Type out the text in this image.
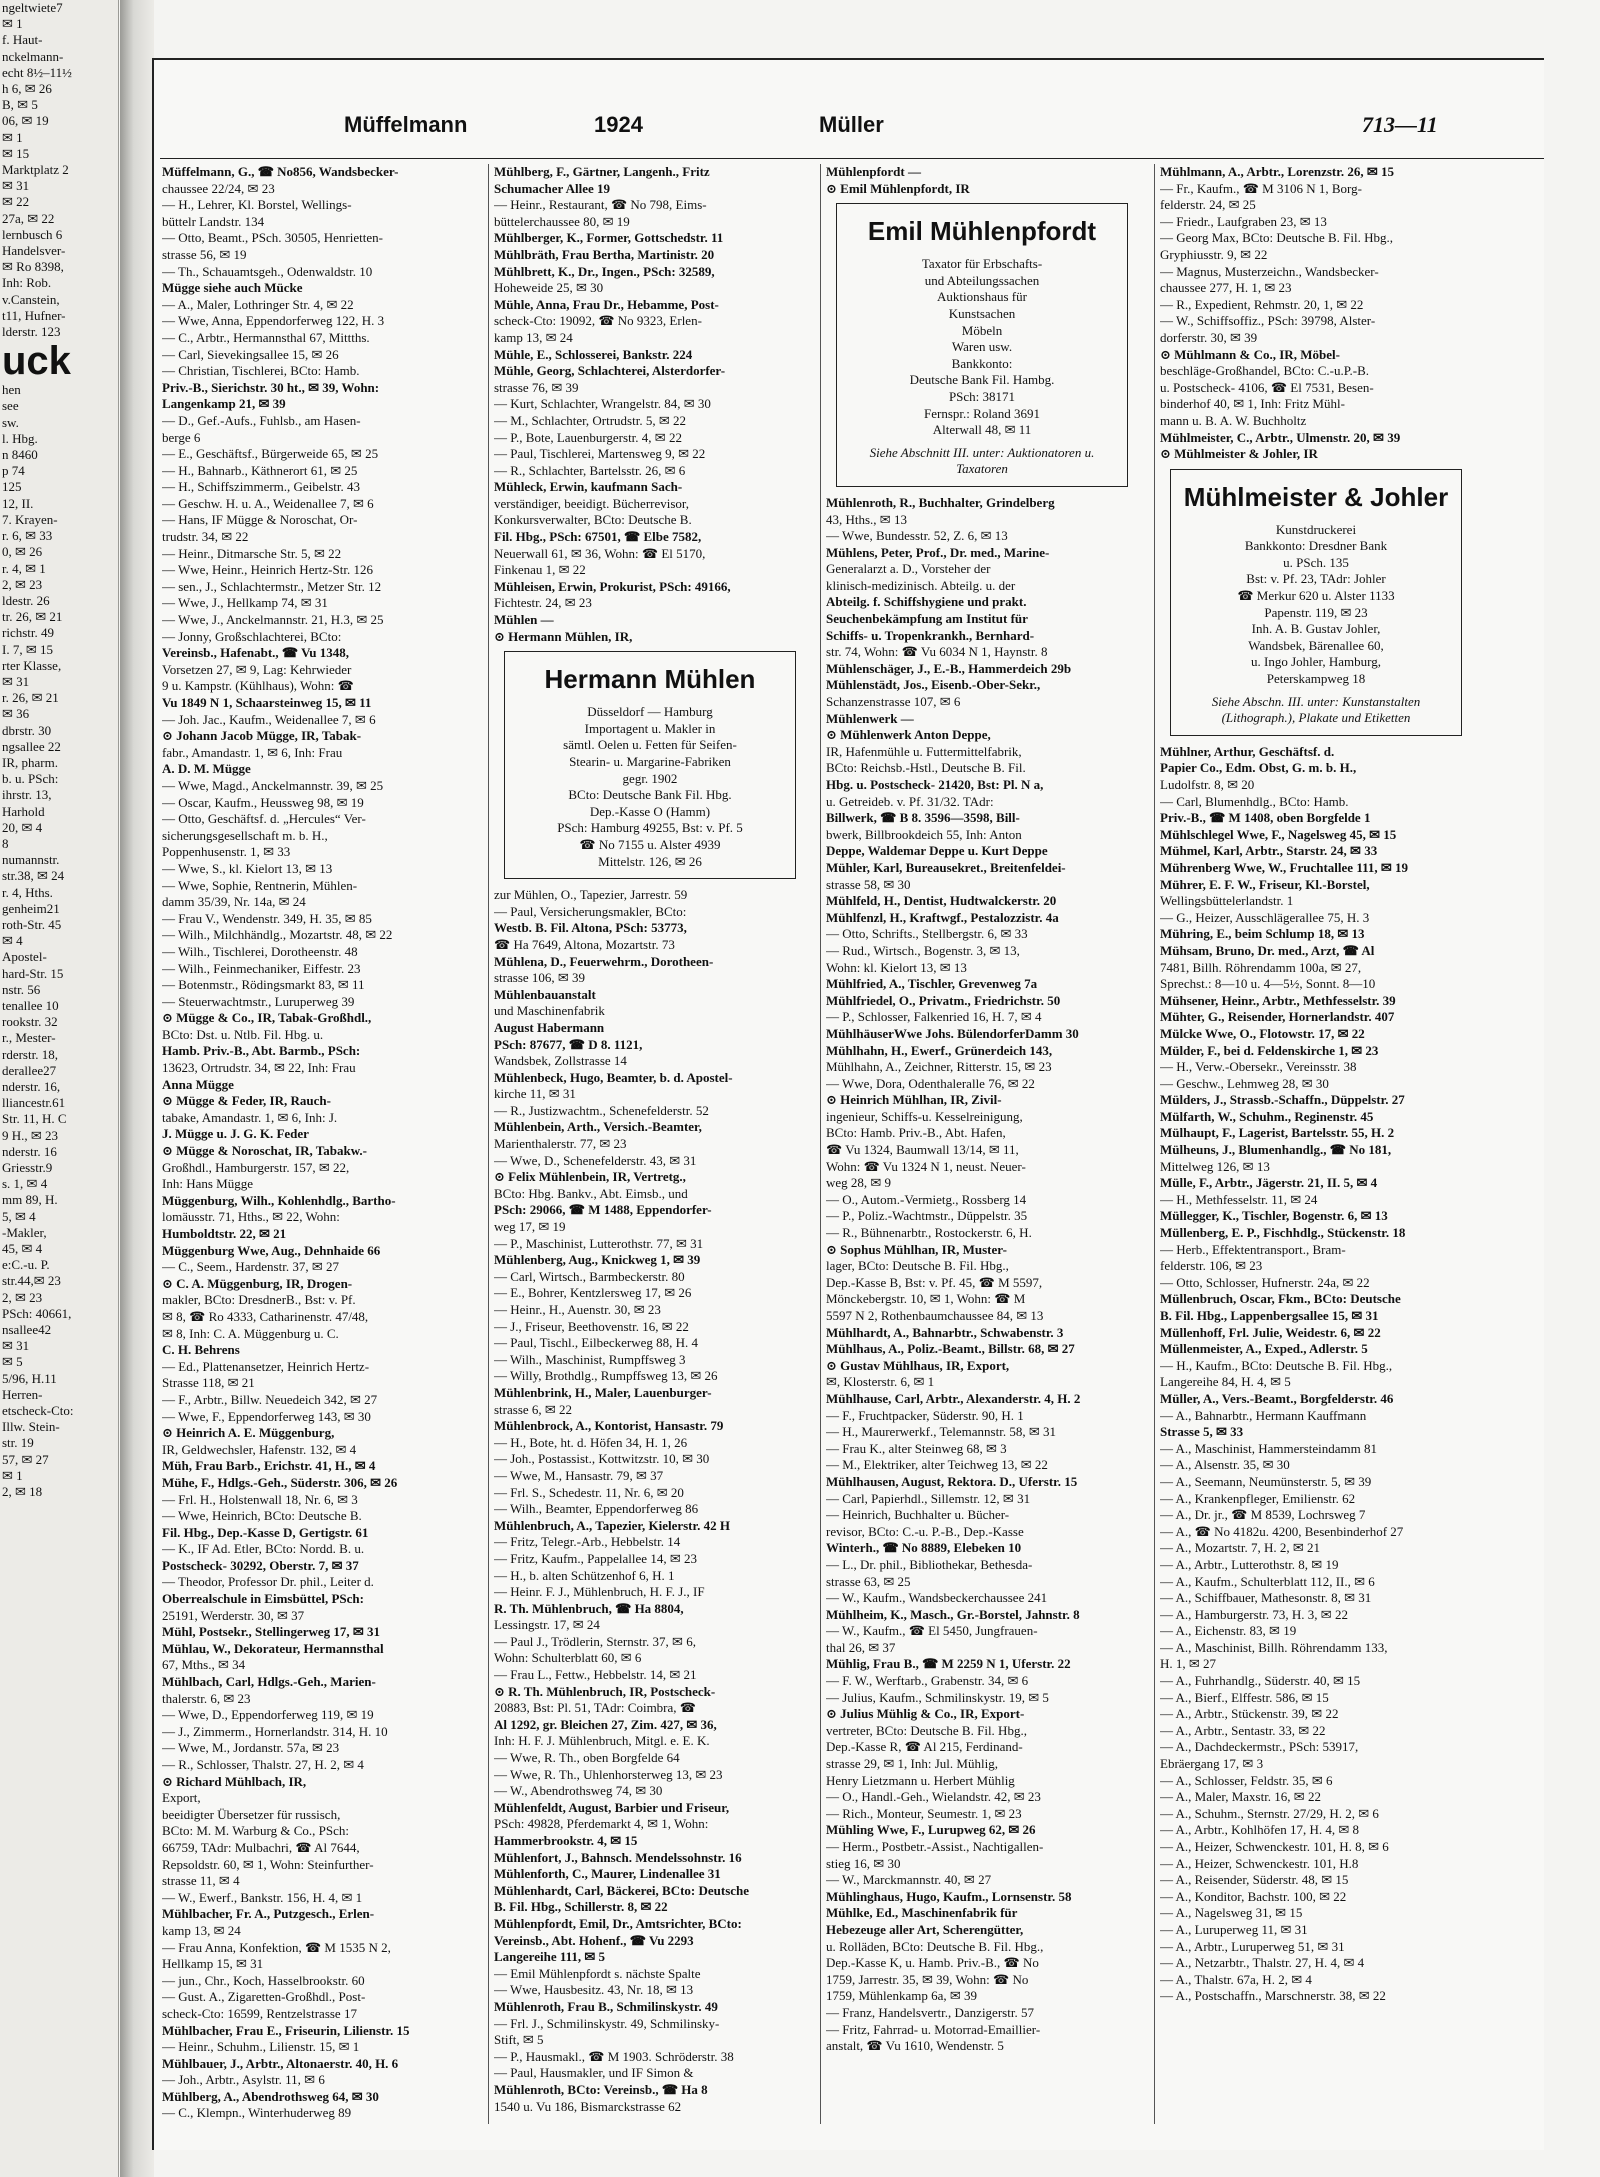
ngeltwiete7
✉ 1
f. Haut-
nckelmann-
echt 8½–11½
h 6, ✉ 26
B, ✉ 5
06, ✉ 19
✉ 1
✉ 15
Marktplatz 2
✉ 31
✉ 22
27a, ✉ 22
lernbusch 6
Handelsver-
✉ Ro 8398,
Inh: Rob.
v.Canstein,
t11, Hufner-
lderstr. 123
uck
hen
see
sw.
l. Hbg.
n 8460
p 74
125
12, II.
7. Krayen-
r. 6, ✉ 33
0, ✉ 26
r. 4, ✉ 1
2, ✉ 23
ldestr. 26
tr. 26, ✉ 21
richstr. 49
I. 7, ✉ 15
rter Klasse,
✉ 31
r. 26, ✉ 21
✉ 36
dbrstr. 30
ngsallee 22
IR, pharm.
b. u. PSch:
ihrstr. 13,
Harhold
20, ✉ 4
8
numannstr.
str.38, ✉ 24
r. 4, Hths.
genheim21
roth-Str. 45
✉ 4
Apostel-
hard-Str. 15
nstr. 56
tenallee 10
rookstr. 32
r., Mester-
rderstr. 18,
derallee27
nderstr. 16,
lliancestr.61
Str. 11, H. C
9 H., ✉ 23
nderstr. 16
Griesstr.9
s. 1, ✉ 4
mm 89, H.
5, ✉ 4
-Makler,
45, ✉ 4
e:C.-u. P.
str.44,✉ 23
2, ✉ 23
PSch: 40661,
nsallee42
✉ 31
✉ 5
5/96, H.11
Herren-
etscheck-Cto:
Illw. Stein-
str. 19
57, ✉ 27
✉ 1
2, ✉ 18
Müffelmann	1924	Müller	713—11
Müffelmann, G., ☎ No856, Wandsbecker-
chaussee 22/24, ✉ 23
— H., Lehrer, Kl. Borstel, Wellings-
büttelr Landstr. 134
— Otto, Beamt., PSch. 30505, Henrietten-
strasse 56, ✉ 19
— Th., Schauamtsgeh., Odenwaldstr. 10
Mügge siehe auch Mücke
— A., Maler, Lothringer Str. 4, ✉ 22
— Wwe, Anna, Eppendorferweg 122, H. 3
— C., Arbtr., Hermannsthal 67, Mittths.
— Carl, Sievekingsallee 15, ✉ 26
— Christian, Tischlerei, BCto: Hamb.
Priv.-B., Sierichstr. 30 ht., ✉ 39, Wohn:
Langenkamp 21, ✉ 39
— D., Gef.-Aufs., Fuhlsb., am Hasen-
berge 6
— E., Geschäftsf., Bürgerweide 65, ✉ 25
— H., Bahnarb., Käthnerort 61, ✉ 25
— H., Schiffszimmerm., Geibelstr. 43
— Geschw. H. u. A., Weidenallee 7, ✉ 6
— Hans, IF Mügge & Noroschat, Or-
trudstr. 34, ✉ 22
— Heinr., Ditmarsche Str. 5, ✉ 22
— Wwe, Heinr., Heinrich Hertz-Str. 126
— sen., J., Schlachtermstr., Metzer Str. 12
— Wwe, J., Hellkamp 74, ✉ 31
— Wwe, J., Anckelmannstr. 21, H.3, ✉ 25
— Jonny, Großschlachterei, BCto:
Vereinsb., Hafenabt., ☎ Vu 1348,
Vorsetzen 27, ✉ 9, Lag: Kehrwieder
9 u. Kampstr. (Kühlhaus), Wohn: ☎
Vu 1849 N 1, Schaarsteinweg 15, ✉ 11
— Joh. Jac., Kaufm., Weidenallee 7, ✉ 6
⊙ Johann Jacob Mügge, IR, Tabak-
fabr., Amandastr. 1, ✉ 6, Inh: Frau
A. D. M. Mügge
— Wwe, Magd., Anckelmannstr. 39, ✉ 25
— Oscar, Kaufm., Heussweg 98, ✉ 19
— Otto, Geschäftsf. d. „Hercules“ Ver-
sicherungsgesellschaft m. b. H.,
Poppenhusenstr. 1, ✉ 33
— Wwe, S., kl. Kielort 13, ✉ 13
— Wwe, Sophie, Rentnerin, Mühlen-
damm 35/39, Nr. 14a, ✉ 24
— Frau V., Wendenstr. 349, H. 35, ✉ 85
— Wilh., Milchhändlg., Mozartstr. 48, ✉ 22
— Wilh., Tischlerei, Dorotheenstr. 48
— Wilh., Feinmechaniker, Eiffestr. 23
— Botenmstr., Rödingsmarkt 83, ✉ 11
— Steuerwachtmstr., Luruperweg 39
⊙ Mügge & Co., IR, Tabak-Großhdl.,
BCto: Dst. u. Ntlb. Fil. Hbg. u.
Hamb. Priv.-B., Abt. Barmb., PSch:
13623, Ortrudstr. 34, ✉ 22, Inh: Frau
Anna Mügge
⊙ Mügge & Feder, IR, Rauch-
tabake, Amandastr. 1, ✉ 6, Inh: J.
J. Mügge u. J. G. K. Feder
⊙ Mügge & Noroschat, IR, Tabakw.-
Großhdl., Hamburgerstr. 157, ✉ 22,
Inh: Hans Mügge
Müggenburg, Wilh., Kohlenhdlg., Bartho-
lomäusstr. 71, Hths., ✉ 22, Wohn:
Humboldtstr. 22, ✉ 21
Müggenburg Wwe, Aug., Dehnhaide 66
— C., Seem., Hardenstr. 37, ✉ 27
⊙ C. A. Müggenburg, IR, Drogen-
makler, BCto: DresdnerB., Bst: v. Pf.
✉ 8, ☎ Ro 4333, Catharinenstr. 47/48,
✉ 8, Inh: C. A. Müggenburg u. C.
C. H. Behrens
— Ed., Plattenansetzer, Heinrich Hertz-
Strasse 118, ✉ 21
— F., Arbtr., Billw. Neuedeich 342, ✉ 27
— Wwe, F., Eppendorferweg 143, ✉ 30
⊙ Heinrich A. E. Müggenburg,
IR, Geldwechsler, Hafenstr. 132, ✉ 4
Müh, Frau Barb., Erichstr. 41, H., ✉ 4
Mühe, F., Hdlgs.-Geh., Süderstr. 306, ✉ 26
— Frl. H., Holstenwall 18, Nr. 6, ✉ 3
— Wwe, Heinrich, BCto: Deutsche B.
Fil. Hbg., Dep.-Kasse D, Gertigstr. 61
— K., IF Ad. Etler, BCto: Nordd. B. u.
Postscheck- 30292, Oberstr. 7, ✉ 37
— Theodor, Professor Dr. phil., Leiter d.
Oberrealschule in Eimsbüttel, PSch:
25191, Werderstr. 30, ✉ 37
Mühl, Postsekr., Stellingerweg 17, ✉ 31
Mühlau, W., Dekorateur, Hermannsthal
67, Mths., ✉ 34
Mühlbach, Carl, Hdlgs.-Geh., Marien-
thalerstr. 6, ✉ 23
— Wwe, D., Eppendorferweg 119, ✉ 19
— J., Zimmerm., Hornerlandstr. 314, H. 10
— Wwe, M., Jordanstr. 57a, ✉ 23
— R., Schlosser, Thalstr. 27, H. 2, ✉ 4
⊙ Richard Mühlbach, IR,
Export,
beeidigter Übersetzer für russisch,
BCto: M. M. Warburg & Co., PSch:
66759, TAdr: Mulbachri, ☎ Al 7644,
Repsoldstr. 60, ✉ 1, Wohn: Steinfurther-
strasse 11, ✉ 4
— W., Ewerf., Bankstr. 156, H. 4, ✉ 1
Mühlbacher, Fr. A., Putzgesch., Erlen-
kamp 13, ✉ 24
— Frau Anna, Konfektion, ☎ M 1535 N 2,
Hellkamp 15, ✉ 31
— jun., Chr., Koch, Hasselbrookstr. 60
— Gust. A., Zigaretten-Großhdl., Post-
scheck-Cto: 16599, Rentzelstrasse 17
Mühlbacher, Frau E., Friseurin, Lilienstr. 15
— Heinr., Schuhm., Lilienstr. 15, ✉ 1
Mühlbauer, J., Arbtr., Altonaerstr. 40, H. 6
— Joh., Arbtr., Asylstr. 11, ✉ 6
Mühlberg, A., Abendrothsweg 64, ✉ 30
— C., Klempn., Winterhuderweg 89
Mühlberg, F., Gärtner, Langenh., Fritz
Schumacher Allee 19
— Heinr., Restaurant, ☎ No 798, Eims-
büttelerchaussee 80, ✉ 19
Mühlberger, K., Former, Gottschedstr. 11
Mühlbräth, Frau Bertha, Martinistr. 20
Mühlbrett, K., Dr., Ingen., PSch: 32589,
Hoheweide 25, ✉ 30
Mühle, Anna, Frau Dr., Hebamme, Post-
scheck-Cto: 19092, ☎ No 9323, Erlen-
kamp 13, ✉ 24
Mühle, E., Schlosserei, Bankstr. 224
Mühle, Georg, Schlachterei, Alsterdorfer-
strasse 76, ✉ 39
— Kurt, Schlachter, Wrangelstr. 84, ✉ 30
— M., Schlachter, Ortrudstr. 5, ✉ 22
— P., Bote, Lauenburgerstr. 4, ✉ 22
— Paul, Tischlerei, Martensweg 9, ✉ 22
— R., Schlachter, Bartelsstr. 26, ✉ 6
Mühleck, Erwin, kaufmann Sach-
verständiger, beeidigt. Bücherrevisor,
Konkursverwalter, BCto: Deutsche B.
Fil. Hbg., PSch: 67501, ☎ Elbe 7582,
Neuerwall 61, ✉ 36, Wohn: ☎ El 5170,
Finkenau 1, ✉ 22
Mühleisen, Erwin, Prokurist, PSch: 49166,
Fichtestr. 24, ✉ 23
Mühlen —
⊙ Hermann Mühlen, IR,
Hermann Mühlen
Düsseldorf — Hamburg
Importagent u. Makler in
sämtl. Oelen u. Fetten für Seifen-
Stearin- u. Margarine-Fabriken
gegr. 1902
BCto: Deutsche Bank Fil. Hbg.
Dep.-Kasse O (Hamm)
PSch: Hamburg 49255, Bst: v. Pf. 5
☎ No 7155 u. Alster 4939
Mittelstr. 126, ✉ 26
zur Mühlen, O., Tapezier, Jarrestr. 59
— Paul, Versicherungsmakler, BCto:
Westb. B. Fil. Altona, PSch: 53773,
☎ Ha 7649, Altona, Mozartstr. 73
Mühlena, D., Feuerwehrm., Dorotheen-
strasse 106, ✉ 39
Mühlenbauanstalt
und Maschinenfabrik
August Habermann
PSch: 87677, ☎ D 8. 1121,
Wandsbek, Zollstrasse 14
Mühlenbeck, Hugo, Beamter, b. d. Apostel-
kirche 11, ✉ 31
— R., Justizwachtm., Schenefelderstr. 52
Mühlenbein, Arth., Versich.-Beamter,
Marienthalerstr. 77, ✉ 23
— Wwe, D., Schenefelderstr. 43, ✉ 31
⊙ Felix Mühlenbein, IR, Vertretg.,
BCto: Hbg. Bankv., Abt. Eimsb., und
PSch: 29066, ☎ M 1488, Eppendorfer-
weg 17, ✉ 19
— P., Maschinist, Lutterothstr. 77, ✉ 31
Mühlenberg, Aug., Knickweg 1, ✉ 39
— Carl, Wirtsch., Barmbeckerstr. 80
— E., Bohrer, Kentzlersweg 17, ✉ 26
— Heinr., H., Auenstr. 30, ✉ 23
— J., Friseur, Beethovenstr. 16, ✉ 22
— Paul, Tischl., Eilbeckerweg 88, H. 4
— Wilh., Maschinist, Rumpffsweg 3
— Willy, Brothdlg., Rumpffsweg 13, ✉ 26
Mühlenbrink, H., Maler, Lauenburger-
strasse 6, ✉ 22
Mühlenbrock, A., Kontorist, Hansastr. 79
— H., Bote, ht. d. Höfen 34, H. 1, 26
— Joh., Postassist., Kottwitzstr. 10, ✉ 30
— Wwe, M., Hansastr. 79, ✉ 37
— Frl. S., Schedestr. 11, Nr. 6, ✉ 20
— Wilh., Beamter, Eppendorferweg 86
Mühlenbruch, A., Tapezier, Kielerstr. 42 H
— Fritz, Telegr.-Arb., Hebbelstr. 14
— Fritz, Kaufm., Pappelallee 14, ✉ 23
— H., b. alten Schützenhof 6, H. 1
— Heinr. F. J., Mühlenbruch, H. F. J., IF
R. Th. Mühlenbruch, ☎ Ha 8804,
Lessingstr. 17, ✉ 24
— Paul J., Trödlerin, Sternstr. 37, ✉ 6,
Wohn: Schulterblatt 60, ✉ 6
— Frau L., Fettw., Hebbelstr. 14, ✉ 21
⊙ R. Th. Mühlenbruch, IR, Postscheck-
20883, Bst: Pl. 51, TAdr: Coimbra, ☎
Al 1292, gr. Bleichen 27, Zim. 427, ✉ 36,
Inh: H. F. J. Mühlenbruch, Mitgl. e. E. K.
— Wwe, R. Th., oben Borgfelde 64
— Wwe, R. Th., Uhlenhorsterweg 13, ✉ 23
— W., Abendrothsweg 74, ✉ 30
Mühlenfeldt, August, Barbier und Friseur,
PSch: 49828, Pferdemarkt 4, ✉ 1, Wohn:
Hammerbrookstr. 4, ✉ 15
Mühlenfort, J., Bahnsch. Mendelssohnstr. 16
Mühlenforth, C., Maurer, Lindenallee 31
Mühlenhardt, Carl, Bäckerei, BCto: Deutsche
B. Fil. Hbg., Schillerstr. 8, ✉ 22
Mühlenpfordt, Emil, Dr., Amtsrichter, BCto:
Vereinsb., Abt. Hohenf., ☎ Vu 2293
Langereihe 111, ✉ 5
— Emil Mühlenpfordt s. nächste Spalte
— Wwe, Hausbesitz. 43, Nr. 18, ✉ 13
Mühlenroth, Frau B., Schmilinskystr. 49
— Frl. J., Schmilinskystr. 49, Schmilinsky-
Stift, ✉ 5
— P., Hausmakl., ☎ M 1903. Schröderstr. 38
— Paul, Hausmakler, und IF Simon &
Mühlenroth, BCto: Vereinsb., ☎ Ha 8
1540 u. Vu 186, Bismarckstrasse 62
Mühlenpfordt —
⊙ Emil Mühlenpfordt, IR
Emil Mühlenpfordt
Taxator für Erbschafts-
und Abteilungssachen
Auktionshaus für
Kunstsachen
Möbeln
Waren usw.
Bankkonto:
Deutsche Bank Fil. Hambg.
PSch: 38171
Fernspr.: Roland 3691
Alterwall 48, ✉ 11
Siehe Abschnitt III. unter: Auktionatoren u. Taxatoren
Mühlenroth, R., Buchhalter, Grindelberg
43, Hths., ✉ 13
— Wwe, Bundesstr. 52, Z. 6, ✉ 13
Mühlens, Peter, Prof., Dr. med., Marine-
Generalarzt a. D., Vorsteher der
klinisch-medizinisch. Abteilg. u. der
Abteilg. f. Schiffshygiene und prakt.
Seuchenbekämpfung am Institut für
Schiffs- u. Tropenkrankh., Bernhard-
str. 74, Wohn: ☎ Vu 6034 N 1, Haynstr. 8
Mühlenschäger, J., E.-B., Hammerdeich 29b
Mühlenstädt, Jos., Eisenb.-Ober-Sekr.,
Schanzenstrasse 107, ✉ 6
Mühlenwerk —
⊙ Mühlenwerk Anton Deppe,
IR, Hafenmühle u. Futtermittelfabrik,
BCto: Reichsb.-Hstl., Deutsche B. Fil.
Hbg. u. Postscheck- 21420, Bst: Pl. N a,
u. Getreideb. v. Pf. 31/32. TAdr:
Billwerk, ☎ B 8. 3596—3598, Bill-
bwerk, Billbrookdeich 55, Inh: Anton
Deppe, Waldemar Deppe u. Kurt Deppe
Mühler, Karl, Bureausekret., Breitenfeldei-
strasse 58, ✉ 30
Mühlfeld, H., Dentist, Hudtwalckerstr. 20
Mühlfenzl, H., Kraftwgf., Pestalozzistr. 4a
— Otto, Schrifts., Stellbergstr. 6, ✉ 33
— Rud., Wirtsch., Bogenstr. 3, ✉ 13,
Wohn: kl. Kielort 13, ✉ 13
Mühlfried, A., Tischler, Grevenweg 7a
Mühlfriedel, O., Privatm., Friedrichstr. 50
— P., Schlosser, Falkenried 16, H. 7, ✉ 4
MühlhäuserWwe Johs. BülendorferDamm 30
Mühlhahn, H., Ewerf., Grünerdeich 143,
Mühlhahn, A., Zeichner, Ritterstr. 15, ✉ 23
— Wwe, Dora, Odenthaleralle 76, ✉ 22
⊙ Heinrich Mühlhan, IR, Zivil-
ingenieur, Schiffs-u. Kesselreinigung,
BCto: Hamb. Priv.-B., Abt. Hafen,
☎ Vu 1324, Baumwall 13/14, ✉ 11,
Wohn: ☎ Vu 1324 N 1, neust. Neuer-
weg 28, ✉ 9
— O., Autom.-Vermietg., Rossberg 14
— P., Poliz.-Wachtmstr., Düppelstr. 35
— R., Bühnenarbtr., Rostockerstr. 6, H.
⊙ Sophus Mühlhan, IR, Muster-
lager, BCto: Deutsche B. Fil. Hbg.,
Dep.-Kasse B, Bst: v. Pf. 45, ☎ M 5597,
Mönckebergstr. 10, ✉ 1, Wohn: ☎ M
5597 N 2, Rothenbaumchaussee 84, ✉ 13
Mühlhardt, A., Bahnarbtr., Schwabenstr. 3
Mühlhaus, A., Poliz.-Beamt., Billstr. 68, ✉ 27
⊙ Gustav Mühlhaus, IR, Export,
✉, Klosterstr. 6, ✉ 1
Mühlhause, Carl, Arbtr., Alexanderstr. 4, H. 2
— F., Fruchtpacker, Süderstr. 90, H. 1
— H., Maurerwerkf., Telemannstr. 58, ✉ 31
— Frau K., alter Steinweg 68, ✉ 3
— M., Elektriker, alter Teichweg 13, ✉ 22
Mühlhausen, August, Rektora. D., Uferstr. 15
— Carl, Papierhdl., Sillemstr. 12, ✉ 31
— Heinrich, Buchhalter u. Bücher-
revisor, BCto: C.-u. P.-B., Dep.-Kasse
Winterh., ☎ No 8889, Elebeken 10
— L., Dr. phil., Bibliothekar, Bethesda-
strasse 63, ✉ 25
— W., Kaufm., Wandsbeckerchaussee 241
Mühlheim, K., Masch., Gr.-Borstel, Jahnstr. 8
— W., Kaufm., ☎ El 5450, Jungfrauen-
thal 26, ✉ 37
Mühlig, Frau B., ☎ M 2259 N 1, Uferstr. 22
— F. W., Werftarb., Grabenstr. 34, ✉ 6
— Julius, Kaufm., Schmilinskystr. 19, ✉ 5
⊙ Julius Mühlig & Co., IR, Export-
vertreter, BCto: Deutsche B. Fil. Hbg.,
Dep.-Kasse R, ☎ Al 215, Ferdinand-
strasse 29, ✉ 1, Inh: Jul. Mühlig,
Henry Lietzmann u. Herbert Mühlig
— O., Handl.-Geh., Wielandstr. 42, ✉ 23
— Rich., Monteur, Seumestr. 1, ✉ 23
Mühling Wwe, F., Lurupweg 62, ✉ 26
— Herm., Postbetr.-Assist., Nachtigallen-
stieg 16, ✉ 30
— W., Marckmannstr. 40, ✉ 27
Mühlinghaus, Hugo, Kaufm., Lornsenstr. 58
Mühlke, Ed., Maschinenfabrik für
Hebezeuge aller Art, Scherengütter,
u. Rolläden, BCto: Deutsche B. Fil. Hbg.,
Dep.-Kasse K, u. Hamb. Priv.-B., ☎ No
1759, Jarrestr. 35, ✉ 39, Wohn: ☎ No
1759, Mühlenkamp 6a, ✉ 39
— Franz, Handelsvertr., Danzigerstr. 57
— Fritz, Fahrrad- u. Motorrad-Emaillier-
anstalt, ☎ Vu 1610, Wendenstr. 5
Mühlmann, A., Arbtr., Lorenzstr. 26, ✉ 15
— Fr., Kaufm., ☎ M 3106 N 1, Borg-
felderstr. 24, ✉ 25
— Friedr., Laufgraben 23, ✉ 13
— Georg Max, BCto: Deutsche B. Fil. Hbg.,
Gryphiusstr. 9, ✉ 22
— Magnus, Musterzeichn., Wandsbecker-
chaussee 277, H. 1, ✉ 23
— R., Expedient, Rehmstr. 20, 1, ✉ 22
— W., Schiffsoffiz., PSch: 39798, Alster-
dorferstr. 30, ✉ 39
⊙ Mühlmann & Co., IR, Möbel-
beschläge-Großhandel, BCto: C.-u.P.-B.
u. Postscheck- 4106, ☎ El 7531, Besen-
binderhof 40, ✉ 1, Inh: Fritz Mühl-
mann u. B. A. W. Buchholtz
Mühlmeister, C., Arbtr., Ulmenstr. 20, ✉ 39
⊙ Mühlmeister & Johler, IR
Mühlmeister & Johler
Kunstdruckerei
Bankkonto: Dresdner Bank
u. PSch. 135
Bst: v. Pf. 23, TAdr: Johler
☎ Merkur 620 u. Alster 1133
Papenstr. 119, ✉ 23
Inh. A. B. Gustav Johler,
Wandsbek, Bärenallee 60,
u. Ingo Johler, Hamburg,
Peterskampweg 18
Siehe Abschn. III. unter: Kunstanstalten (Lithograph.), Plakate und Etiketten
Mühlner, Arthur, Geschäftsf. d.
Papier Co., Edm. Obst, G. m. b. H.,
Ludolfstr. 8, ✉ 20
— Carl, Blumenhdlg., BCto: Hamb.
Priv.-B., ☎ M 1408, oben Borgfelde 1
Mühlschlegel Wwe, F., Nagelsweg 45, ✉ 15
Mühmel, Karl, Arbtr., Starstr. 24, ✉ 33
Mührenberg Wwe, W., Fruchtallee 111, ✉ 19
Mührer, E. F. W., Friseur, Kl.-Borstel,
Wellingsbüttelerlandstr. 1
— G., Heizer, Ausschlägerallee 75, H. 3
Mühring, E., beim Schlump 18, ✉ 13
Mühsam, Bruno, Dr. med., Arzt, ☎ Al
7481, Billh. Röhrendamm 100a, ✉ 27,
Sprechst.: 8—10 u. 4—5½, Sonnt. 8—10
Mühsener, Heinr., Arbtr., Methfesselstr. 39
Mühter, G., Reisender, Hornerlandstr. 407
Mülcke Wwe, O., Flotowstr. 17, ✉ 22
Mülder, F., bei d. Feldenskirche 1, ✉ 23
— H., Verw.-Obersekr., Vereinsstr. 38
— Geschw., Lehmweg 28, ✉ 30
Mülders, J., Strassb.-Schaffn., Düppelstr. 27
Mülfarth, W., Schuhm., Reginenstr. 45
Mülhaupt, F., Lagerist, Bartelsstr. 55, H. 2
Mülheuns, J., Blumenhandlg., ☎ No 181,
Mittelweg 126, ✉ 13
Mülle, F., Arbtr., Jägerstr. 21, II. 5, ✉ 4
— H., Methfesselstr. 11, ✉ 24
Müllegger, K., Tischler, Bogenstr. 6, ✉ 13
Müllenberg, E. P., Fischhdlg., Stückenstr. 18
— Herb., Effektentransport., Bram-
felderstr. 106, ✉ 23
— Otto, Schlosser, Hufnerstr. 24a, ✉ 22
Müllenbruch, Oscar, Fkm., BCto: Deutsche
B. Fil. Hbg., Lappenbergsallee 15, ✉ 31
Müllenhoff, Frl. Julie, Weidestr. 6, ✉ 22
Müllenmeister, A., Exped., Adlerstr. 5
— H., Kaufm., BCto: Deutsche B. Fil. Hbg.,
Langereihe 84, H. 4, ✉ 5
Müller, A., Vers.-Beamt., Borgfelderstr. 46
— A., Bahnarbtr., Hermann Kauffmann
Strasse 5, ✉ 33
— A., Maschinist, Hammersteindamm 81
— A., Alsenstr. 35, ✉ 30
— A., Seemann, Neumünsterstr. 5, ✉ 39
— A., Krankenpfleger, Emilienstr. 62
— A., Dr. jr., ☎ M 8539, Lochrsweg 7
— A., ☎ No 4182u. 4200, Besenbinderhof 27
— A., Mozartstr. 7, H. 2, ✉ 21
— A., Arbtr., Lutterothstr. 8, ✉ 19
— A., Kaufm., Schulterblatt 112, II., ✉ 6
— A., Schiffbauer, Mathesonstr. 8, ✉ 31
— A., Hamburgerstr. 73, H. 3, ✉ 22
— A., Eichenstr. 83, ✉ 19
— A., Maschinist, Billh. Röhrendamm 133,
H. 1, ✉ 27
— A., Fuhrhandlg., Süderstr. 40, ✉ 15
— A., Bierf., Elffestr. 586, ✉ 15
— A., Arbtr., Stückenstr. 39, ✉ 22
— A., Arbtr., Sentastr. 33, ✉ 22
— A., Dachdeckermstr., PSch: 53917,
Ebräergang 17, ✉ 3
— A., Schlosser, Feldstr. 35, ✉ 6
— A., Maler, Maxstr. 16, ✉ 22
— A., Schuhm., Sternstr. 27/29, H. 2, ✉ 6
— A., Arbtr., Kohlhöfen 17, H. 4, ✉ 8
— A., Heizer, Schwenckestr. 101, H. 8, ✉ 6
— A., Heizer, Schwenckestr. 101, H.8
— A., Reisender, Süderstr. 48, ✉ 15
— A., Konditor, Bachstr. 100, ✉ 22
— A., Nagelsweg 31, ✉ 15
— A., Luruperweg 11, ✉ 31
— A., Arbtr., Luruperweg 51, ✉ 31
— A., Netzarbtr., Thalstr. 27, H. 4, ✉ 4
— A., Thalstr. 67a, H. 2, ✉ 4
— A., Postschaffn., Marschnerstr. 38, ✉ 22
